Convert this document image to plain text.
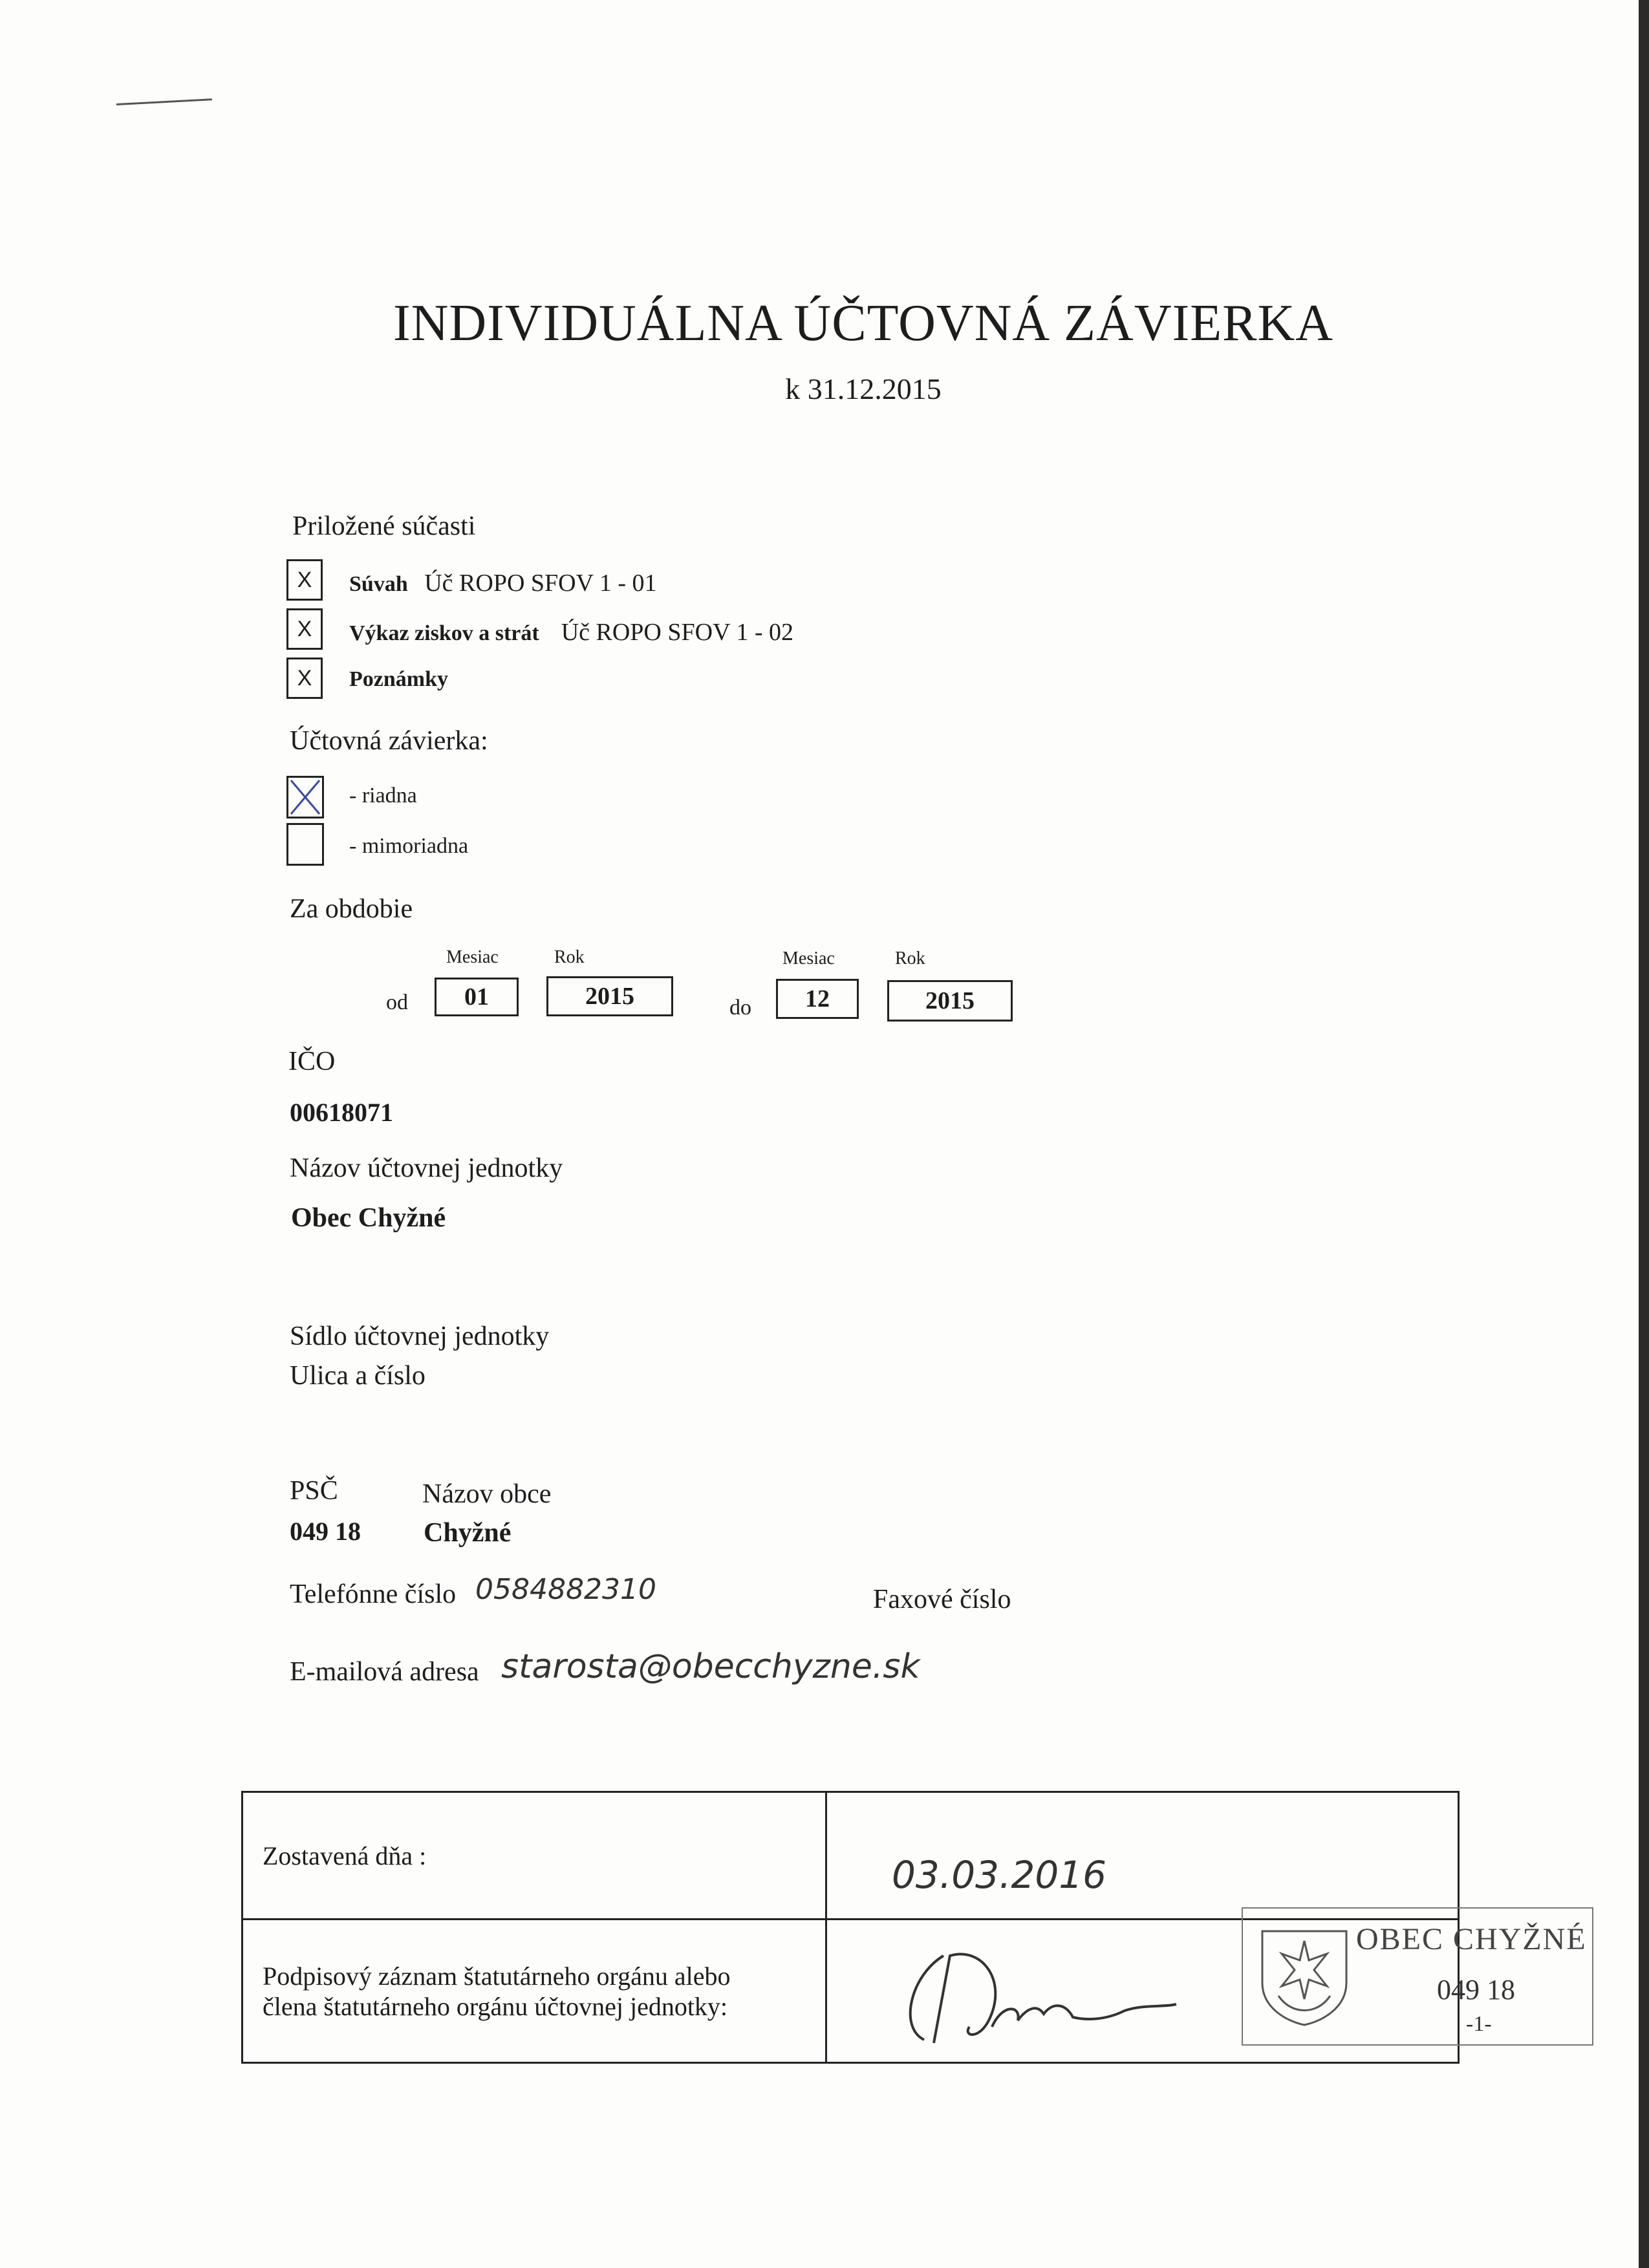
INDIVIDUÁLNA ÚČTOVNÁ ZÁVIERKA
k 31.12.2015
Priložené súčasti
X	Súvah Úč ROPO SFOV 1 - 01
X	Výkaz ziskov a strát Úč ROPO SFOV 1 - 02
X	Poznámky
Účtovná závierka:
- riadna
- mimoriadna
Za obdobie
Mesiac	Rok	Mesiac	Rok
od	01	2015	do	12	2015
IČO
00618071
Názov účtovnej jednotky
Obec Chyžné
Sídlo účtovnej jednotky
Ulica a číslo
PSČ
049 18
Názov obce
Chyžné
Telefónne číslo 0584882310	Faxové číslo
E-mailová adresa starosta@obecchyzne.sk
Zostavená dňa :	03.03.2016

Podpisový záznam štatutárneho orgánu alebo
člena štatutárneho orgánu účtovnej jednotky:

OBEC CHYŽNÉ
049 18
-1-
